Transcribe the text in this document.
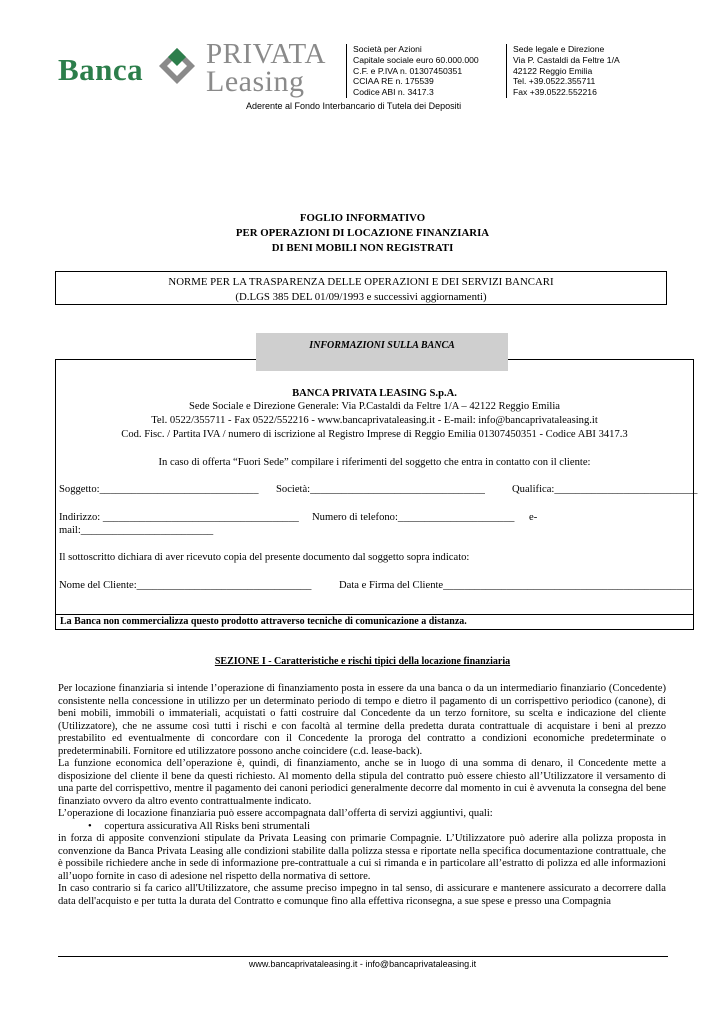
Banca PRIVATA
Leasing
Società per Azioni
Capitale sociale euro 60.000.000
C.F. e P.IVA n. 01307450351
CCIAA RE n. 175539
Codice ABI n. 3417.3
Sede legale e Direzione
Via P. Castaldi da Feltre 1/A
42122 Reggio Emilia
Tel. +39.0522.355711
Fax +39.0522.552216
Aderente al Fondo Interbancario di Tutela dei Depositi
FOGLIO INFORMATIVO
PER OPERAZIONI DI LOCAZIONE FINANZIARIA
DI BENI MOBILI NON REGISTRATI
NORME PER LA TRASPARENZA DELLE OPERAZIONI E DEI SERVIZI BANCARI
(D.LGS 385 DEL 01/09/1993 e successivi aggiornamenti)
BANCA PRIVATA LEASING S.p.A.
Sede Sociale e Direzione Generale: Via P.Castaldi da Feltre 1/A – 42122 Reggio Emilia
Tel. 0522/355711 - Fax 0522/552216 - www.bancaprivataleasing.it - E-mail: info@bancaprivataleasing.it
Cod. Fisc. / Partita IVA / numero di iscrizione al Registro Imprese di Reggio Emilia 01307450351 - Codice ABI 3417.3
In caso di offerta “Fuori Sede” compilare i riferimenti del soggetto che entra in contatto con il cliente:
Soggetto:______________________________ Società:_________________________________	Qualifica:___________________________
Indirizzo: _____________________________________ Numero di telefono:______________________ e-
mail:_________________________
Il sottoscritto dichiara di aver ricevuto copia del presente documento dal soggetto sopra indicato:
Nome del Cliente:_________________________________	Data e Firma del Cliente_______________________________________________
La Banca non commercializza questo prodotto attraverso tecniche di comunicazione a distanza.
INFORMAZIONI SULLA BANCA
SEZIONE I - Caratteristiche e rischi tipici della locazione finanziaria
Per locazione finanziaria si intende l’operazione di finanziamento posta in essere da una banca o da un intermediario finanziario (Concedente) consistente nella concessione in utilizzo per un determinato periodo di tempo e dietro il pagamento di un corrispettivo periodico (canone), di beni mobili, immobili o immateriali, acquistati o fatti costruire dal Concedente da un terzo fornitore, su scelta e indicazione del cliente (Utilizzatore), che ne assume così tutti i rischi e con facoltà al termine della predetta durata contrattuale di acquistare i beni al prezzo prestabilito ed eventualmente di concordare con il Concedente la proroga del contratto a condizioni economiche predeterminate o predeterminabili. Fornitore ed utilizzatore possono anche coincidere (c.d. lease-back).
La funzione economica dell’operazione è, quindi, di finanziamento, anche se in luogo di una somma di denaro, il Concedente mette a disposizione del cliente il bene da questi richiesto. Al momento della stipula del contratto può essere chiesto all’Utilizzatore il versamento di una parte del corrispettivo, mentre il pagamento dei canoni periodici generalmente decorre dal momento in cui è avvenuta la consegna del bene finanziato ovvero da altro evento contrattualmente indicato.
L’operazione di locazione finanziaria può essere accompagnata dall’offerta di servizi aggiuntivi, quali:
• copertura assicurativa All Risks beni strumentali
in forza di apposite convenzioni stipulate da Privata Leasing con primarie Compagnie. L’Utilizzatore può aderire alla polizza proposta in convenzione da Banca Privata Leasing alle condizioni stabilite dalla polizza stessa e riportate nella specifica documentazione contrattuale, che è possibile richiedere anche in sede di informazione pre-contrattuale a cui si rimanda e in particolare all’estratto di polizza ed alle informazioni all’uopo fornite in caso di adesione nel rispetto della normativa di settore.
In caso contrario si fa carico all'Utilizzatore, che assume preciso impegno in tal senso, di assicurare e mantenere assicurato a decorrere dalla data dell'acquisto e per tutta la durata del Contratto e comunque fino alla effettiva riconsegna, a sue spese e presso una Compagnia
www.bancaprivataleasing.it - info@bancaprivataleasing.it
